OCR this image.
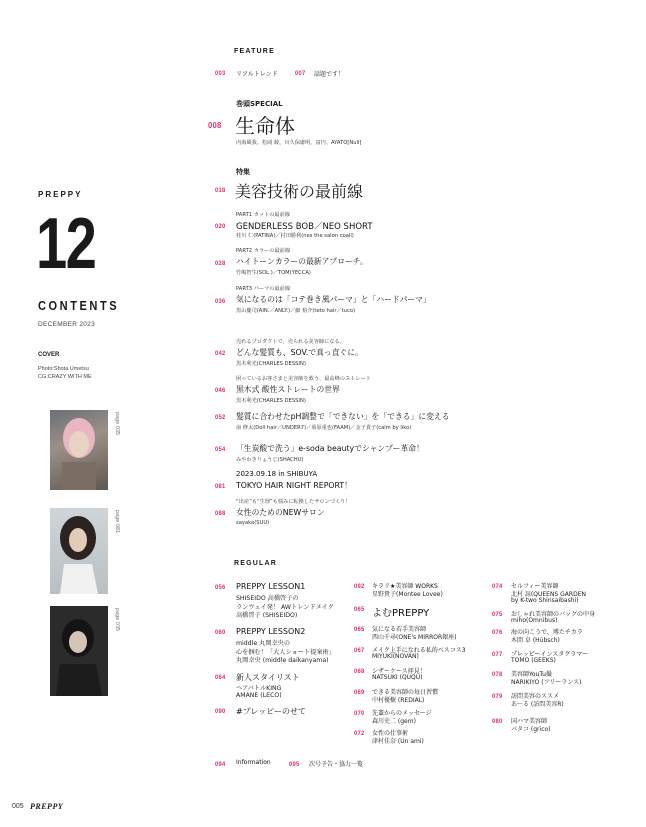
PREPPY
12
CONTENTS
DECEMBER 2023
COVER
Photo:Shota Umetsu
CG:CRAZY WITH ME
page 035
page 081
page 035
FEATURE
003 リアルトレンド	007 話題です！
巻頭SPECIAL
008 生命体
内海風我、松岡 綾、川久保庸明、富円、AYATO[Null]
特集
018 美容技術の最前線
020
PART1 カットの最前線
GENDERLESS BOB／NEO SHORT
桂川 仁(PATINA)／村田勝利(nes the salon coall)
028
PART2 カラーの最前線
ハイトーンカラーの最新アプローチ。
竹嶋智生(SOL.)／TOM(YECCA)
036
PART3 パーマの最前線
気になるのは「コテ巻き風パーマ」と「ハードパーマ」
黒山慶司(AIN.／ANLY.)／細 裕介(teto hair／tuco)
売れるプロダクトで、売られる美容師になる。
042 どんな髪質も、SOV.で真っ直ぐに。
黒木利光(CHARLES DESSIN)
困っているお客さまと美容師を救う、最高峰のストレート
046 黒木式 酸性ストレートの世界
黒木利光(CHARLES DESSIN)
052 髪質に合わせたpH調整で「できない」を「できる」に変える
南 修太(Doll hair／UNDER7)／菊原重也(FAAM)／金子貴子(calm by liko)
054 「生炭酸で洗う」e-soda beautyでシャンプー革命！
みやわきりょうじ(SHACHU)
2023.09.18 in SHIBUYA
081 TOKYO HAIR NIGHT REPORT！
“出産”も“生理”も悩みに転換したサロンづくり！
088 女性のためのNEWサロン
sayaka(SUU)
REGULAR
056 PREPPY LESSON1
SHISEIDO 高橋啓子の
ランウェイ発！ AWトレンドメイク
高橋啓子 (SHISEIDO)
060 PREPPY LESSON2
middle 丸岡幸央の
心を掴む！「大人ショート提案術」
丸岡幸央 (middle daikanyama)
064 新人スタイリスト
ヘアバトルKING
AMANE (LECO)
090 #プレッピーのせて
092 キラリ★美容師 WORKS
星野貴子(Montee Lovee)
065 よむPREPPY
065 気になる若手美容師
西山千尋(ONE's MIRROR銀座)
067 メイク上手になれる私的ベスコス3
MIYUKI(NOVAN)
068 シザーケース拝見！
NATSUKI (QUQU)
069 できる美容師の毎日習慣
中村優樹 (REDIAL)
070 先輩からのメッセージ
森川史二 (gem)
072 女性の仕事術
津村佳奈 (Un ami)
074 セルフィー美容師
北村 諒(QUEENS GARDEN
by K-two Shinsaibashi)
075 おしゃれ美容師のバッグの中身
miho(Omnibus)
076 海の向こうで、博たチカラ
木間 卓 (Hübsch)
077 プレッピーインスタグラマー
TOMO (GEEKS)
078 美容師YouTu撮
NARIKIYO (フリーランス)
079 訪問美容のススメ
あ～る (訪問美容R)
080 国ハマ美容師
パタコ (grico)
094 Information	095 次号予告・協力一覧
005 PREPPY
